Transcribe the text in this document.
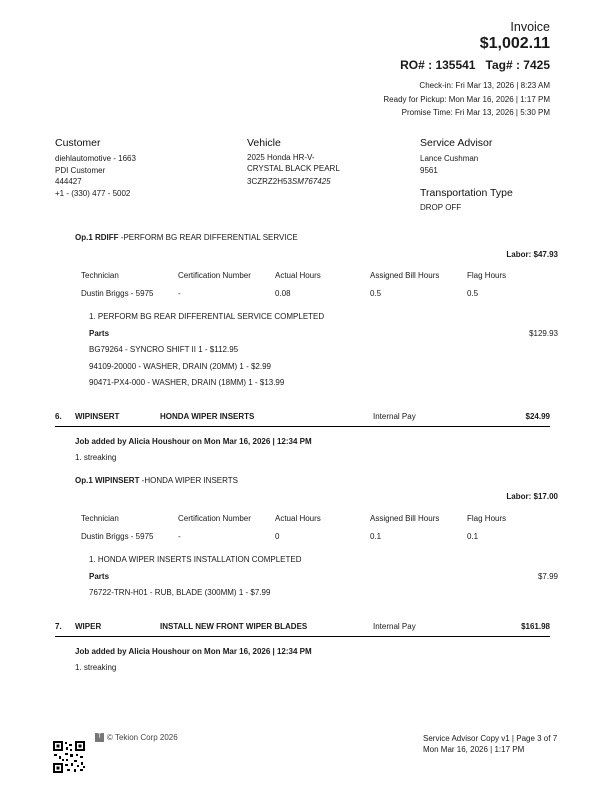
Invoice
$1,002.11
RO# : 135541 Tag# : 7425
Check-in: Fri Mar 13, 2026 | 8:23 AM
Ready for Pickup: Mon Mar 16, 2026 | 1:17 PM
Promise Time: Fri Mar 13, 2026 | 5:30 PM
Customer
diehlautomotive - 1663
PDI Customer
444427
+1 - (330) 477 - 5002
Vehicle
2025 Honda HR-V-
CRYSTAL BLACK PEARL
3CZRZ2H53SM767425
Service Advisor
Lance Cushman
9561
Transportation Type
DROP OFF
Op.1 RDIFF -PERFORM BG REAR DIFFERENTIAL SERVICE
Labor: $47.93
Technician	Certification Number	Actual Hours	Assigned Bill Hours	Flag Hours
Dustin Briggs - 5975	-	0.08	0.5	0.5
1. PERFORM BG REAR DIFFERENTIAL SERVICE COMPLETED
Parts	$129.93
BG79264 - SYNCRO SHIFT II 1 - $112.95
94109-20000 - WASHER, DRAIN (20MM) 1 - $2.99
90471-PX4-000 - WASHER, DRAIN (18MM) 1 - $13.99
6. WIPINSERT	HONDA WIPER INSERTS	Internal Pay	$24.99
Job added by Alicia Houshour on Mon Mar 16, 2026 | 12:34 PM
1. streaking
Op.1 WIPINSERT -HONDA WIPER INSERTS
Labor: $17.00
Technician	Certification Number	Actual Hours	Assigned Bill Hours	Flag Hours
Dustin Briggs - 5975	-	0	0.1	0.1
1. HONDA WIPER INSERTS INSTALLATION COMPLETED
Parts	$7.99
76722-TRN-H01 - RUB, BLADE (300MM) 1 - $7.99
7. WIPER	INSTALL NEW FRONT WIPER BLADES	Internal Pay	$161.98
Job added by Alicia Houshour on Mon Mar 16, 2026 | 12:34 PM
1. streaking
T © Tekion Corp 2026	Service Advisor Copy v1 | Page 3 of 7
Mon Mar 16, 2026 | 1:17 PM
